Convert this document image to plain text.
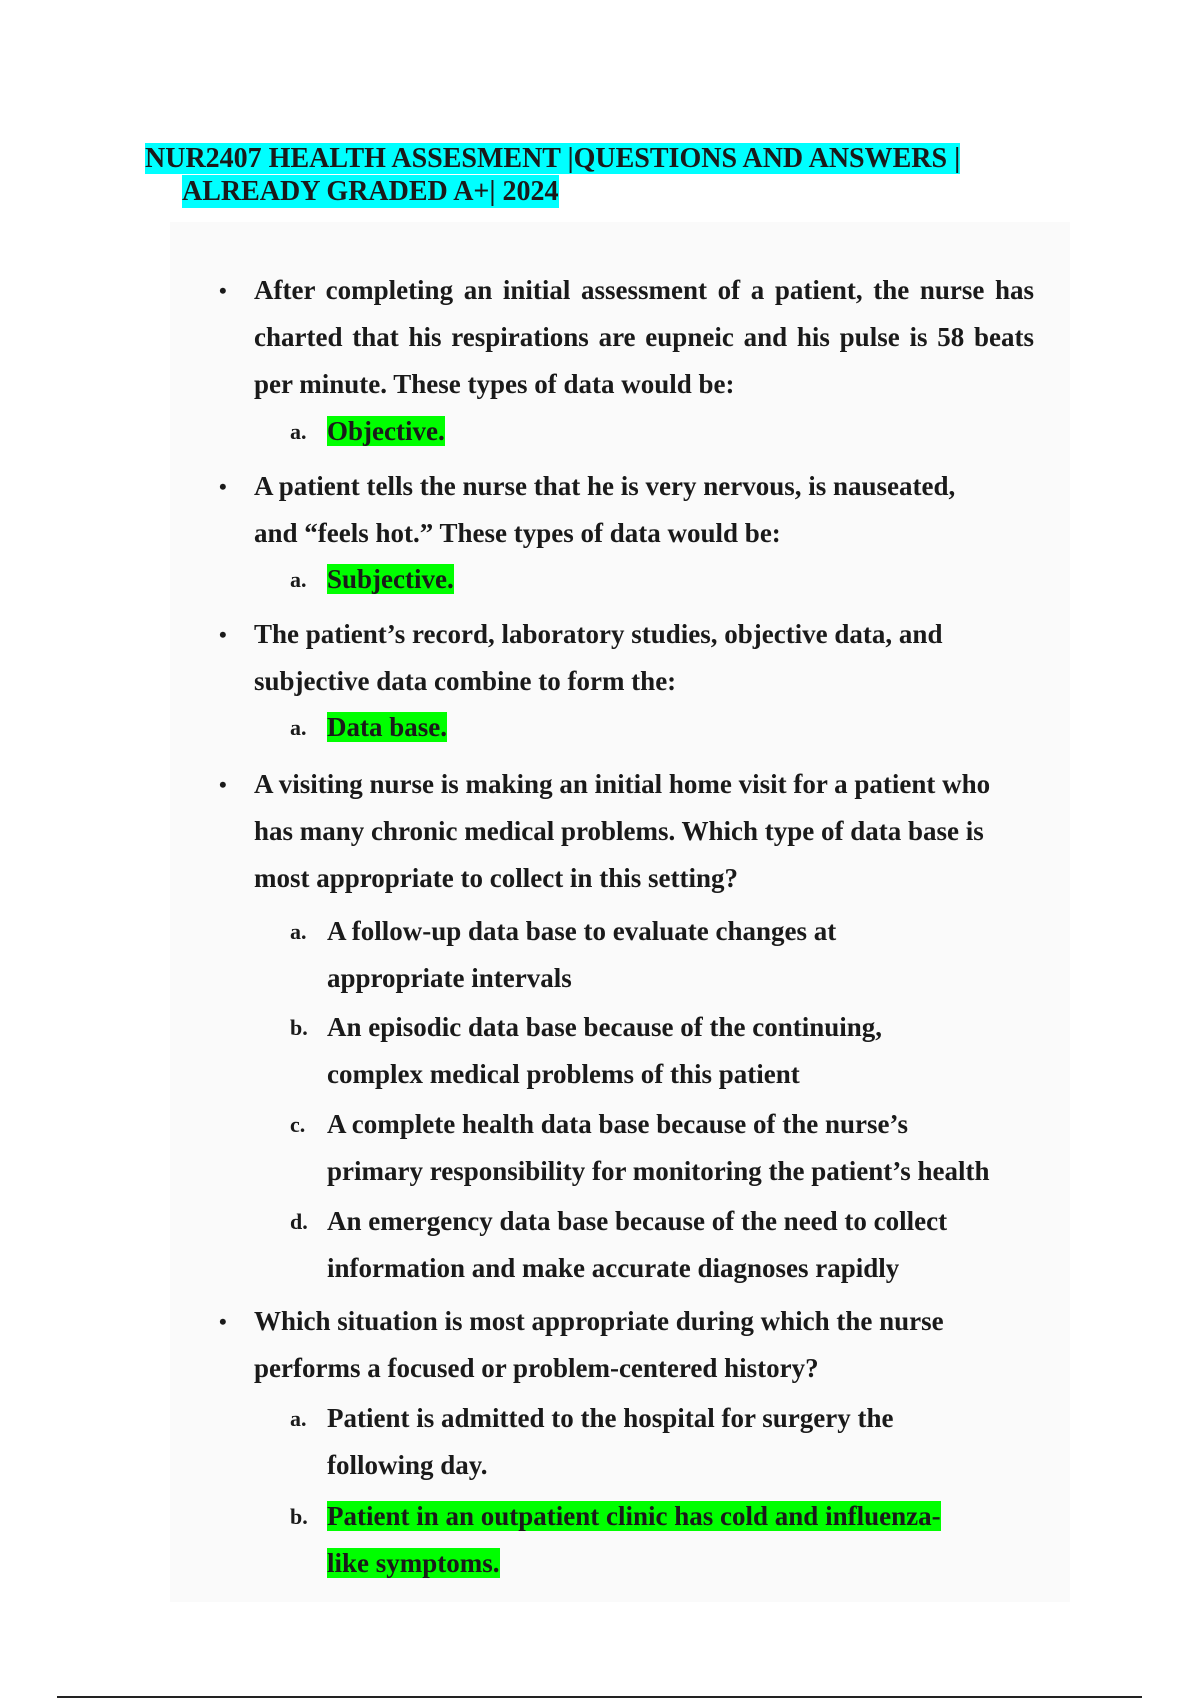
NUR2407 HEALTH ASSESMENT |QUESTIONS AND ANSWERS |
ALREADY GRADED A+| 2024
• After completing an initial assessment of a patient, the nurse has charted that his respirations are eupneic and his pulse is 58 beats per minute. These types of data would be:
a. Objective.
• A patient tells the nurse that he is very nervous, is nauseated, and “feels hot.” These types of data would be:
a. Subjective.
• The patient’s record, laboratory studies, objective data, and subjective data combine to form the:
a. Data base.
• A visiting nurse is making an initial home visit for a patient who has many chronic medical problems. Which type of data base is most appropriate to collect in this setting?
a. A follow-up data base to evaluate changes at appropriate intervals
b. An episodic data base because of the continuing, complex medical problems of this patient
c. A complete health data base because of the nurse’s primary responsibility for monitoring the patient’s health
d. An emergency data base because of the need to collect information and make accurate diagnoses rapidly
• Which situation is most appropriate during which the nurse performs a focused or problem-centered history?
a. Patient is admitted to the hospital for surgery the following day.
b. Patient in an outpatient clinic has cold and influenza-like symptoms.
